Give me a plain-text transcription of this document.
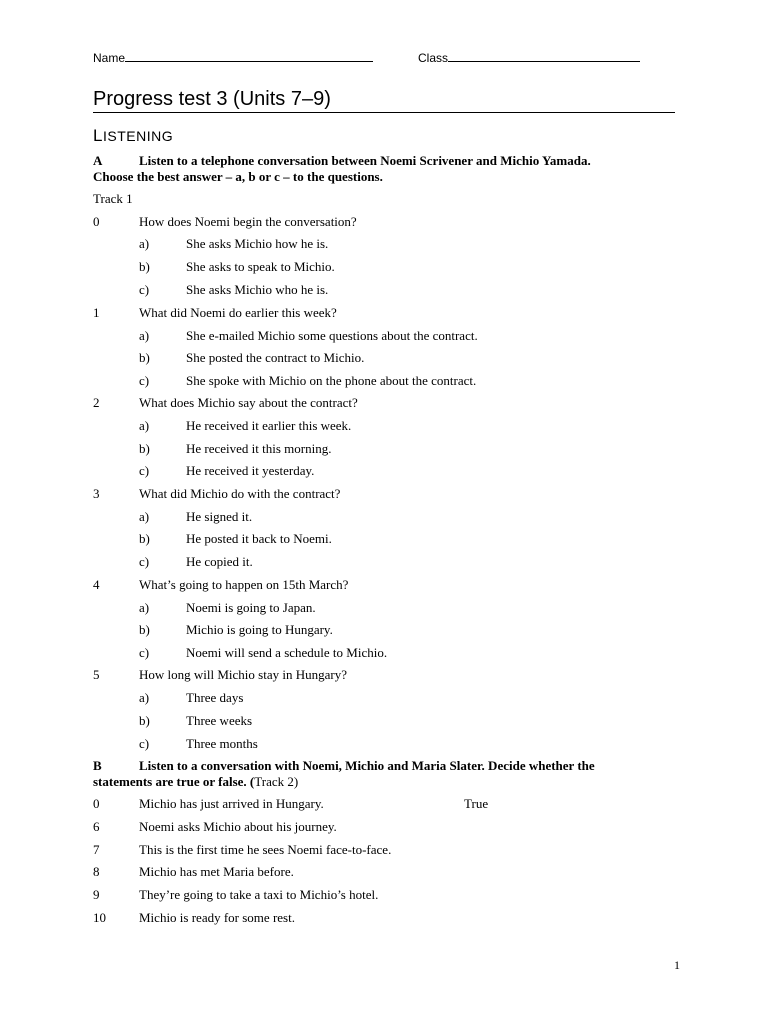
Name	Class
Progress test 3 (Units 7–9)
LISTENING
A	Listen to a telephone conversation between Noemi Scrivener and Michio Yamada.
Choose the best answer – a, b or c – to the questions.
Track 1
0	How does Noemi begin the conversation?
a)	She asks Michio how he is.
b)	She asks to speak to Michio.
c)	She asks Michio who he is.
1	What did Noemi do earlier this week?
a)	She e-mailed Michio some questions about the contract.
b)	She posted the contract to Michio.
c)	She spoke with Michio on the phone about the contract.
2	What does Michio say about the contract?
a)	He received it earlier this week.
b)	He received it this morning.
c)	He received it yesterday.
3	What did Michio do with the contract?
a)	He signed it.
b)	He posted it back to Noemi.
c)	He copied it.
4	What’s going to happen on 15th March?
a)	Noemi is going to Japan.
b)	Michio is going to Hungary.
c)	Noemi will send a schedule to Michio.
5	How long will Michio stay in Hungary?
a)	Three days
b)	Three weeks
c)	Three months
B	Listen to a conversation with Noemi, Michio and Maria Slater. Decide whether the
statements are true or false. (Track 2)
0	Michio has just arrived in Hungary.	True
6	Noemi asks Michio about his journey.
7	This is the first time he sees Noemi face-to-face.
8	Michio has met Maria before.
9	They’re going to take a taxi to Michio’s hotel.
10	Michio is ready for some rest.
1
